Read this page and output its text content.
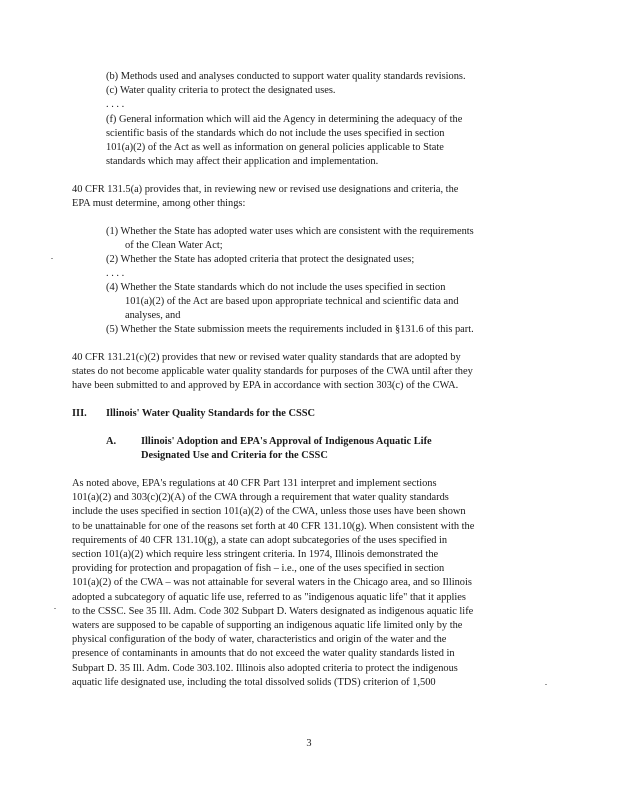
(b) Methods used and analyses conducted to support water quality standards revisions.
(c) Water quality criteria to protect the designated uses.
. . . .
(f) General information which will aid the Agency in determining the adequacy of the
scientific basis of the standards which do not include the uses specified in section
101(a)(2) of the Act as well as information on general policies applicable to State
standards which may affect their application and implementation.
40 CFR 131.5(a) provides that, in reviewing new or revised use designations and criteria, the
EPA must determine, among other things:
(1) Whether the State has adopted water uses which are consistent with the requirements
of the Clean Water Act;
(2) Whether the State has adopted criteria that protect the designated uses;
. . . .
(4) Whether the State standards which do not include the uses specified in section
101(a)(2) of the Act are based upon appropriate technical and scientific data and
analyses, and
(5) Whether the State submission meets the requirements included in §131.6 of this part.
40 CFR 131.21(c)(2) provides that new or revised water quality standards that are adopted by
states do not become applicable water quality standards for purposes of the CWA until after they
have been submitted to and approved by EPA in accordance with section 303(c) of the CWA.
III. Illinois' Water Quality Standards for the CSSC
A. Illinois' Adoption and EPA's Approval of Indigenous Aquatic Life
Designated Use and Criteria for the CSSC
As noted above, EPA's regulations at 40 CFR Part 131 interpret and implement sections
101(a)(2) and 303(c)(2)(A) of the CWA through a requirement that water quality standards
include the uses specified in section 101(a)(2) of the CWA, unless those uses have been shown
to be unattainable for one of the reasons set forth at 40 CFR 131.10(g). When consistent with the
requirements of 40 CFR 131.10(g), a state can adopt subcategories of the uses specified in
section 101(a)(2) which require less stringent criteria. In 1974, Illinois demonstrated the
providing for protection and propagation of fish – i.e., one of the uses specified in section
101(a)(2) of the CWA – was not attainable for several waters in the Chicago area, and so Illinois
adopted a subcategory of aquatic life use, referred to as "indigenous aquatic life" that it applies
to the CSSC. See 35 Ill. Adm. Code 302 Subpart D. Waters designated as indigenous aquatic life
waters are supposed to be capable of supporting an indigenous aquatic life limited only by the
physical configuration of the body of water, characteristics and origin of the water and the
presence of contaminants in amounts that do not exceed the water quality standards listed in
Subpart D. 35 Ill. Adm. Code 303.102. Illinois also adopted criteria to protect the indigenous
aquatic life designated use, including the total dissolved solids (TDS) criterion of 1,500
3
